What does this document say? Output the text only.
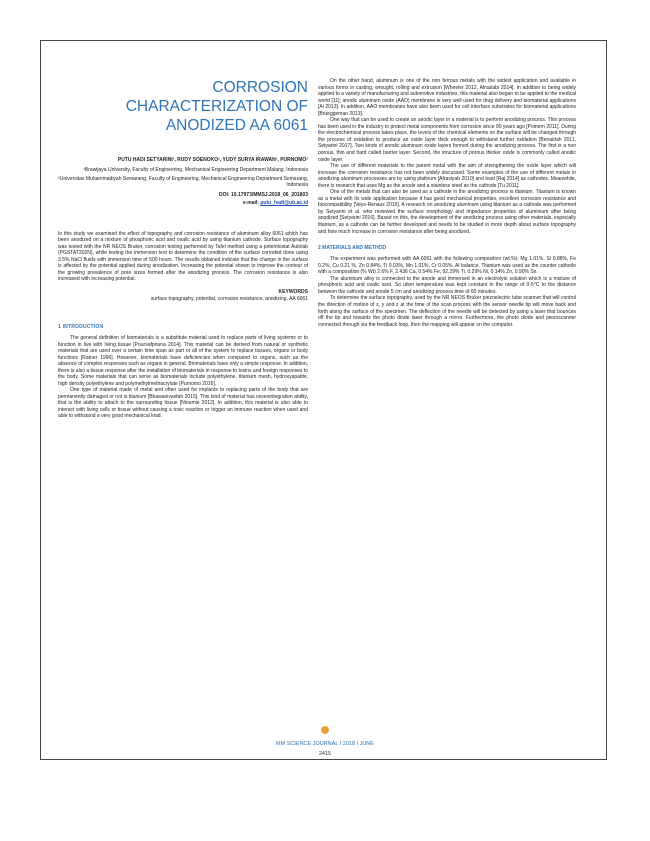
CORROSION
CHARACTERIZATION OF
ANODIZED AA 6061
PUTU HADI SETYARINI¹, RUDY SOENOKO¹, YUDY SURYA IRAWAN¹, PURNOMO²

¹Brawijaya University, Faculty of Engineering, Mechanical Engineering Department Malang, Indonesia

²Universitas Muhammadiyah Semarang, Faculty of Engineering, Mechanical Engineering Department Semarang, Indonesia

DOI: 10.17973/MMSJ.2018_06_201803
e-mail: putu_hadi@ub.ac.id
In this study we examined the effect of topography and corrosion resistance of aluminum alloy 6061 which has been anodized on a mixture of phosphoric acid and oxalic acid by using titanium cathode. Surface topography was tested with the NR NEOS Bruker, corrosion testing performed by Tafel method using a potentiostat Autolab (PGSTAT302N), while testing the immersion test to determine the condition of the surface corroded done using 3.5% NaCl fluids with immersion time of 500 hours. The results obtained indicate that the change in the surface is affected by the potential applied during anodization. Increasing the potential shown to improve the contour of the growing prevalence of pore sizes formed after the anodizing process. The corrosion resistance is also increased with increasing potential.
KEYWORDS
surface topography, potential, corrosion resistance, anodizing, AA 6061
1 INTRODUCTION

The general definition of biomaterials is a substitute material used to replace parts of living systems or to function in live with living tissue [Poursafpouna 2014]. This material can be derived from natural or synthetic materials that are used over a certain time span as part or all of the system to replace tissues, organs or body functions [Ratner 1996]. However, biomaterials have deficiencies when compared to organs, such as the absence of complex responses such as organs in general. Biomaterials have only a simple response. In addition, there is also a tissue response after the installation of biomaterials in response to toxins and foreign responses to the body. Some materials that can serve as biomaterials include polyethylene, titanium mesh, hydroxyapatite, high density polyethylene and polymethylmethacrylate [Purnomo 2016].

One type of material made of metal and often used for implants to replacing parts of the body that are permanently damaged or not is titanium [Bhawanivasfah 2015]. This kind of material has osseointegration ability, that is the ability to attach to the surrounding tissue [Ninomie 2012]. In addition, this material is also able to interact with living cells or tissue without causing a toxic reaction or trigger an immune reaction when used and able to withstand a very good mechanical load.

On the other hand, aluminum is one of the non ferrous metals with the widest application and available in various forms in casting, wrought, rolling and extrusion [Wheeler 2012, Afrasiabi 2014]. In addition to being widely applied to a variety of manufacturing and automotive industries, this material also began to be applied to the medical world [11]; anodic aluminum oxide (AAO) membrane is very well used for drug delivery and biomaterial applications [Ai 2013]. In addition, AAO membranes have also been used for cell interface substrates for biomaterial applications [Brueggeman 2013].

One way that can be used to create an anodic layer in a material is to perform anodizing process. This process has been used in the industry to protect metal components from corrosion since 90 years ago [Poinern 2011]. During the electrochemical process takes place, the levels of the chemical elements on the surface will be changed through the process of oxidation to produce an oxide layer thick enough to withstand further oxidation [Benaidah 2011, Setyarini 2017]. Two kinds of anodic aluminum oxide layers formed during the anodizing process. The first is a non porous, thin and hard called barrier layer. Second, the structure of porous thicker oxide is commonly called anodic oxide layer.

The use of different materials to the parent metal with the aim of strengthening the oxide layer which will increase the corrosion resistance has not been widely discussed. Some examples of the use of different metals in anodizing aluminum processes are by using platinum [Afrasiyab 2010] and lead [Raj 2014] as cathodes. Meanwhile, there is research that uses Mg as the anode and a stainless steel as the cathode [Tu 2011].

One of the metals that can also be used as a cathode in the anodizing process is titanium. Titanium is known as a metal with its wide application because it has good mechanical properties, excellent corrosion resistance and biocompatibility [Veys-Renaux 2016]. A research on anodizing aluminum using titanium as a cathode was performed by Setyarini et al. who reviewed the surface morphology and impedance properties of aluminium after being anodized [Setyarini 2016]. Based on this, the development of the anodizing process using other materials, especially titanium, as a cathode can be further developed and needs to be studied in more depth about surface topography and how much increase in corrosion resistance after being anodized.

2 MATERIALS AND METHOD

The experiment was performed with AA 6061 with the following composition (wt.%): Mg 1.01%, Si 0.88%, Fe 0.2%, Cu 0.21 %, Zn 0.84%, Ti 0.03%, Mn 1.01%, Cr 0.05%, Al balance. Titanium was used as the counter cathode with a composition (% Wt) 2.6% F, 2.436 Ca, 0.54% Fe, 92.29% Ti, 0.29% Ni, 0.14% Zn, 0.90% Sn.

The aluminum alloy is connected to the anode and immersed in an electrolyte solution which is a mixture of phosphoric acid and oxalic acid. So ution temperature was kept constant in the range of 0-5°C to the distance between the cathode and anode 5 cm and anodizing process time of 60 minutes.

To determine the surface topography, used by the NR NEOS Bruker piezoelectric tube scanner that will control the direction of motion of x, y and z at the time of the scan process with the sensor needle tip will move back and forth along the surface of the specimen. The deflection of the needle will be detected by using a laser that bounces off the tip and towards the photo diode laser through a mirror. Furthermore, the photo diode and piezoscanner connected through via the feedback loop, then the mapping will appear on the computer.

MM SCIENCE JOURNAL I 2018 I JUNE
2415
